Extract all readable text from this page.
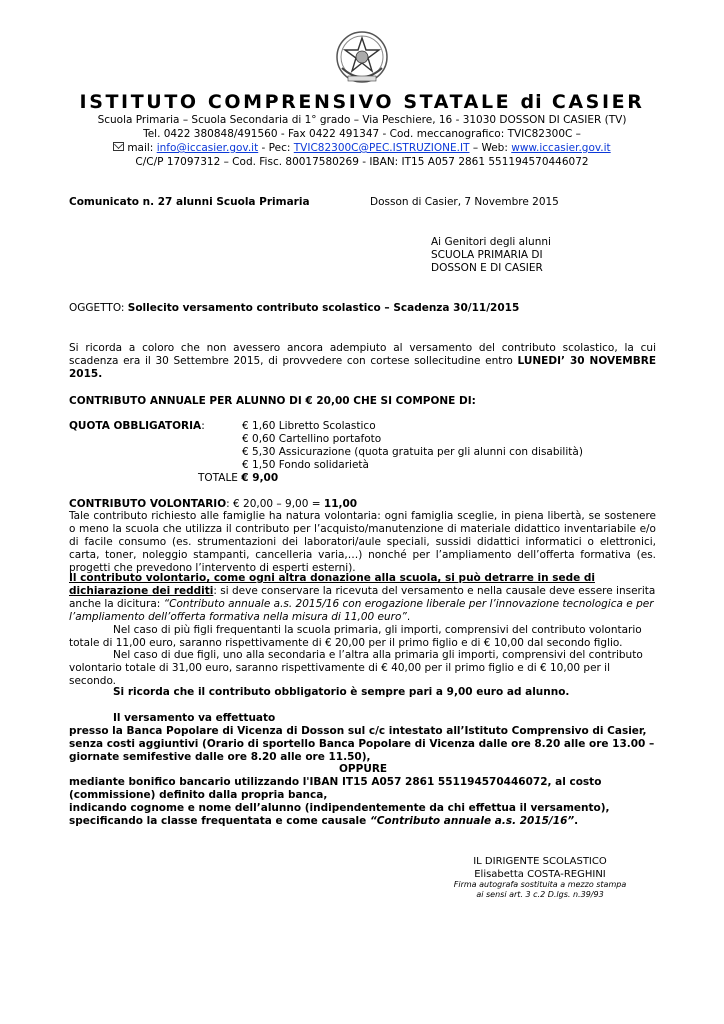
ISTITUTO COMPRENSIVO STATALE di CASIER
Scuola Primaria – Scuola Secondaria di 1° grado – Via Peschiere, 16 - 31030 DOSSON DI CASIER (TV)
Tel. 0422 380848/491560 - Fax 0422 491347 - Cod. meccanografico: TVIC82300C –
mail: info@iccasier.gov.it - Pec: TVIC82300C@PEC.ISTRUZIONE.IT – Web: www.iccasier.gov.it
C/C/P 17097312 – Cod. Fisc. 80017580269 - IBAN: IT15 A057 2861 551194570446072
Comunicato n. 27 alunni Scuola Primaria	Dosson di Casier, 7 Novembre 2015
Ai Genitori degli alunni
SCUOLA PRIMARIA DI
DOSSON E DI CASIER
OGGETTO: Sollecito versamento contributo scolastico – Scadenza 30/11/2015
Si ricorda a coloro che non avessero ancora adempiuto al versamento del contributo scolastico, la cui scadenza era il 30 Settembre 2015, di provvedere con cortese sollecitudine entro LUNEDI’ 30 NOVEMBRE 2015.
CONTRIBUTO ANNUALE PER ALUNNO DI € 20,00 CHE SI COMPONE DI:
QUOTA OBBLIGATORIA:	€ 1,60 Libretto Scolastico
€ 0,60 Cartellino portafoto
€ 5,30 Assicurazione (quota gratuita per gli alunni con disabilità)
€ 1,50 Fondo solidarietà
TOTALE € 9,00
CONTRIBUTO VOLONTARIO: € 20,00 – 9,00 = 11,00
Tale contributo richiesto alle famiglie ha natura volontaria: ogni famiglia sceglie, in piena libertà, se sostenere o meno la scuola che utilizza il contributo per l’acquisto/manutenzione di materiale didattico inventariabile e/o di facile consumo (es. strumentazioni dei laboratori/aule speciali, sussidi didattici informatici o elettronici, carta, toner, noleggio stampanti, cancelleria varia,…) nonché per l’ampliamento dell’offerta formativa (es. progetti che prevedono l’intervento di esperti esterni).
Il contributo volontario, come ogni altra donazione alla scuola, si può detrarre in sede di dichiarazione dei redditi: si deve conservare la ricevuta del versamento e nella causale deve essere inserita anche la dicitura: “Contributo annuale a.s. 2015/16 con erogazione liberale per l’innovazione tecnologica e per l’ampliamento dell’offerta formativa nella misura di 11,00 euro”.
Nel caso di più figli frequentanti la scuola primaria, gli importi, comprensivi del contributo volontario totale di 11,00 euro, saranno rispettivamente di € 20,00 per il primo figlio e di € 10,00 dal secondo figlio.
Nel caso di due figli, uno alla secondaria e l’altra alla primaria gli importi, comprensivi del contributo volontario totale di 31,00 euro, saranno rispettivamente di € 40,00 per il primo figlio e di € 10,00 per il secondo.
Si ricorda che il contributo obbligatorio è sempre pari a 9,00 euro ad alunno.
Il versamento va effettuato
presso la Banca Popolare di Vicenza di Dosson sul c/c intestato all’Istituto Comprensivo di Casier, senza costi aggiuntivi (Orario di sportello Banca Popolare di Vicenza dalle ore 8.20 alle ore 13.00 – giornate semifestive dalle ore 8.20 alle ore 11.50),
OPPURE
mediante bonifico bancario utilizzando l'IBAN IT15 A057 2861 551194570446072, al costo (commissione) definito dalla propria banca,
indicando cognome e nome dell’alunno (indipendentemente da chi effettua il versamento),
specificando la classe frequentata e come causale “Contributo annuale a.s. 2015/16”.
IL DIRIGENTE SCOLASTICO
Elisabetta COSTA-REGHINI
Firma autografa sostituita a mezzo stampa
ai sensi art. 3 c.2 D.lgs. n.39/93
